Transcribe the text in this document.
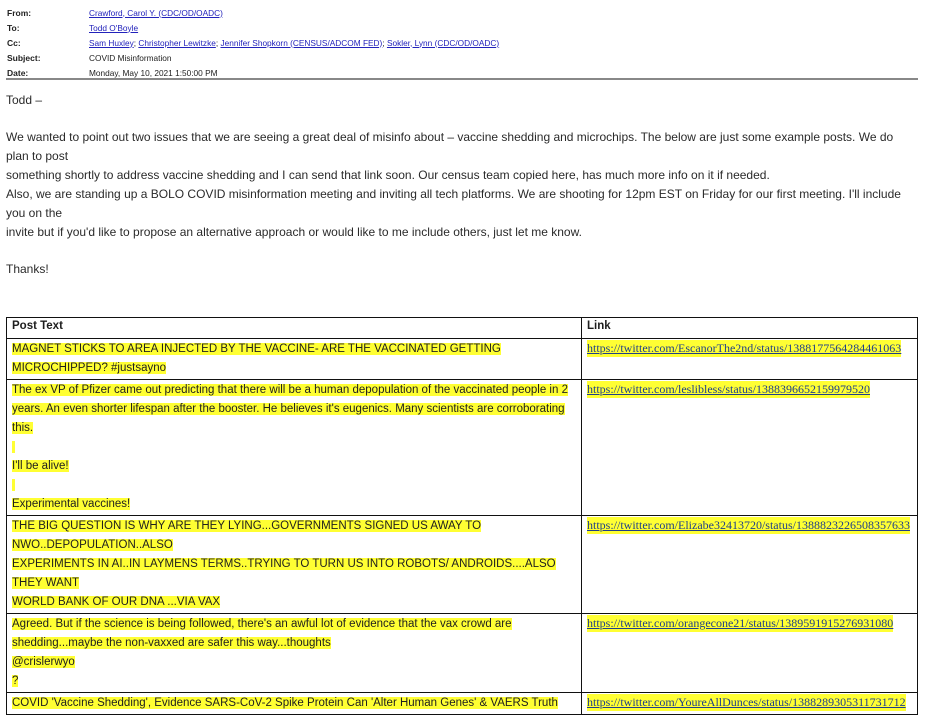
From:	Crawford, Carol Y. (CDC/OD/OADC)
To:	Todd O'Boyle
Cc:	Sam Huxley; Christopher Lewitzke; Jennifer Shopkorn (CENSUS/ADCOM FED); Sokler, Lynn (CDC/OD/OADC)
Subject:	COVID Misinformation
Date:	Monday, May 10, 2021 1:50:00 PM

Todd –

We wanted to point out two issues that we are seeing a great deal of misinfo about – vaccine shedding and microchips. The below are just some example posts. We do plan to post
something shortly to address vaccine shedding and I can send that link soon. Our census team copied here, has much more info on it if needed.
Also, we are standing up a BOLO COVID misinformation meeting and inviting all tech platforms. We are shooting for 12pm EST on Friday for our first meeting. I'll include you on the
invite but if you'd like to propose an alternative approach or would like to me include others, just let me know.

Thanks!

Post Text	Link

MAGNET STICKS TO AREA INJECTED BY THE VACCINE- ARE THE VACCINATED GETTING MICROCHIPPED? #justsayno	https://twitter.com/EscanorThe2nd/status/1388177564284461063

The ex VP of Pfizer came out predicting that there will be a human depopulation of the vaccinated people in 2
years. An even shorter lifespan after the booster. He believes it's eugenics. Many scientists are corroborating this.

I'll be alive!

Experimental vaccines!	https://twitter.com/leslibless/status/1388396652159979520

THE BIG QUESTION IS WHY ARE THEY LYING...GOVERNMENTS SIGNED US AWAY TO NWO..DEPOPULATION..ALSO
EXPERIMENTS IN AI..IN LAYMENS TERMS..TRYING TO TURN US INTO ROBOTS/ ANDROIDS....ALSO THEY WANT
WORLD BANK OF OUR DNA ...VIA VAX	https://twitter.com/Elizabe32413720/status/1388823226508357633

Agreed. But if the science is being followed, there's an awful lot of evidence that the vax crowd are
shedding...maybe the non-vaxxed are safer this way...thoughts
@crislerwyo
?	https://twitter.com/orangecone21/status/1389591915276931080

COVID 'Vaccine Shedding', Evidence SARS-CoV-2 Spike Protein Can 'Alter Human Genes' & VAERS Truth	https://twitter.com/YoureAllDunces/status/1388289305311731712
